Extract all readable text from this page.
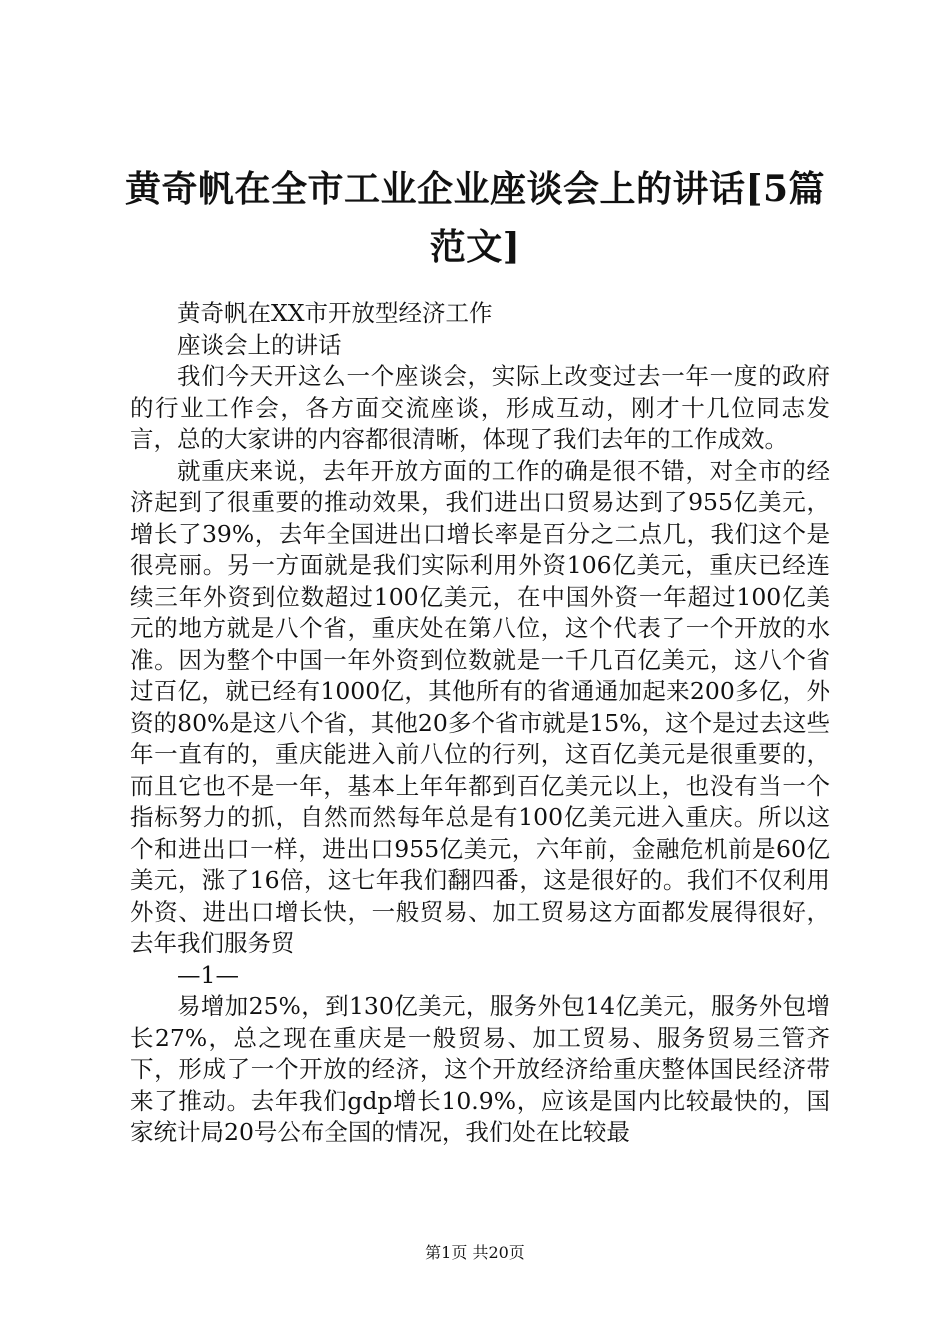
黄奇帆在全市工业企业座谈会上的讲话[5篇范文]

黄奇帆在XX市开放型经济工作

座谈会上的讲话

我们今天开这么一个座谈会，实际上改变过去一年一度的政府的行业工作会，各方面交流座谈，形成互动，刚才十几位同志发言，总的大家讲的内容都很清晰，体现了我们去年的工作成效。

就重庆来说，去年开放方面的工作的确是很不错，对全市的经济起到了很重要的推动效果，我们进出口贸易达到了955亿美元，增长了39%，去年全国进出口增长率是百分之二点几，我们这个是很亮丽。另一方面就是我们实际利用外资106亿美元，重庆已经连续三年外资到位数超过100亿美元，在中国外资一年超过100亿美元的地方就是八个省，重庆处在第八位，这个代表了一个开放的水准。因为整个中国一年外资到位数就是一千几百亿美元，这八个省过百亿，就已经有1000亿，其他所有的省通通加起来200多亿，外资的80%是这八个省，其他20多个省市就是15%，这个是过去这些年一直有的，重庆能进入前八位的行列，这百亿美元是很重要的，而且它也不是一年，基本上年年都到百亿美元以上，也没有当一个指标努力的抓，自然而然每年总是有100亿美元进入重庆。所以这个和进出口一样，进出口955亿美元，六年前，金融危机前是60亿美元，涨了16倍，这七年我们翻四番，这是很好的。我们不仅利用外资、进出口增长快，一般贸易、加工贸易这方面都发展得很好，去年我们服务贸

—1—

易增加25%，到130亿美元，服务外包14亿美元，服务外包增长27%，总之现在重庆是一般贸易、加工贸易、服务贸易三管齐下，形成了一个开放的经济，这个开放经济给重庆整体国民经济带来了推动。去年我们gdp增长10.9%，应该是国内比较最快的，国家统计局20号公布全国的情况，我们处在比较最

第1页 共20页
